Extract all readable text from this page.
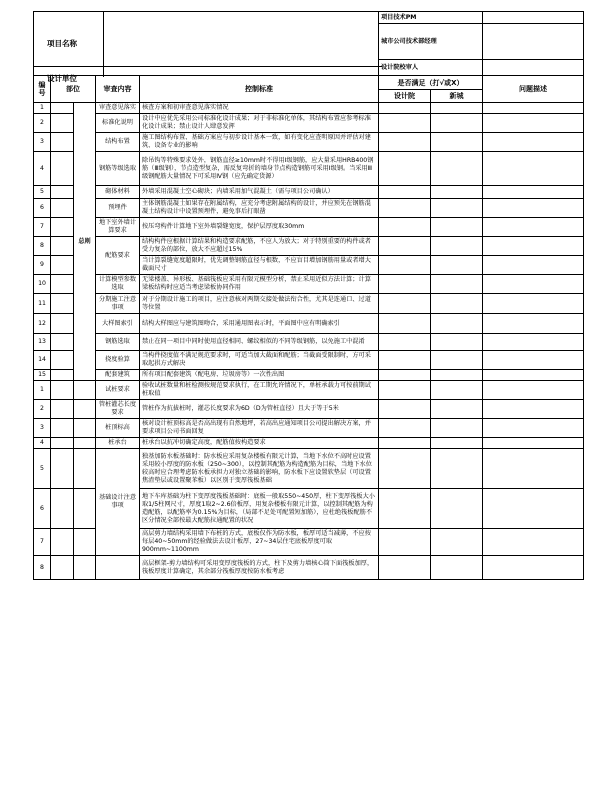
	项目技术PM	
	城市公司技术部经理	

	设计院校审人	
项目名称
设计单位
编号	部位		审查内容	控制标准	是否满足（打√或X）		问题描述
					设计院	新城	
1		总则	审查意见落实	核查方案和初审查意见落实情况			
2			标准化说明	设计中应优先采用公司标准化设计成果；对于非标准化单体，其结构布置应参考标准化设计成果；禁止设计人肆意发挥			
3			结构布置	施工图结构布置、基础方案应与初步设计基本一致，如有变化应查明原因并评估对建筑、设备专业的影响			
4			钢筋等级选取	除吊钩等特殊要求处外，钢筋直径≥10mm时不得用Ⅰ级钢筋，应大量采用HRB400钢筋（Ⅲ级钢），节点造型复杂，需反复弯折的墙身节点构造钢筋可采用Ⅰ级钢。当采用Ⅲ级钢配筋大量情况下可采用Ⅳ钢（应先确定货源）			
5			砌体材料	外墙采用混凝土空心砌块；内墙采用加气混凝土（需与项目公司确认）			
6			预埋件	主体钢筋混凝土如果存在附属结构，应充分考虑附属结构的设计，并应预先在钢筋混凝土结构设计中设置预埋件，避免事后打眼凿			
7			地下室外墙计算要求	按压弯构件计算地下室外墙裂缝宽度，保护层厚度取30mm			
8			配筋要求	结构构件应根据计算结果和构造要求配筋，不应人为放大；对于特别重要的构件或者受力复杂的部位，放大不应超过15%			
9				当计算裂缝宽度超限时，优先调整钢筋直径与根数，不应盲目增加钢筋用量或者增大截面尺寸			
10			计算模型参数选取	无梁楼盖、异形板、基础筏板应采用有限元模型分析，禁止采用近似方法计算；计算梁板结构时应适当考虑梁板协同作用			
11			分期施工注意事项	对于分期设计施工的项目，应注意核对两期交接处做法衔合性，尤其是连通口、过道等位置			
12			大样图索引	结构大样图应与建筑图吻合，采用通用图表示时，平面图中应有明确索引			
13			钢筋选取	禁止在同一项目中同时使用直径相同、螺纹相似的不同等级钢筋，以免施工中混淆			
14			挠度验算	当构件挠度值不满足规范要求时，可适当加大截面和配筋；当截面受限制时，方可采取起拱方式解决			
15			配套建筑	所有项目配套建筑（配电房、垃圾房等）一次性出图			
1			试桩要求	验收试桩数量和桩检测按规范要求执行，在工期允许情况下，单桩承载力可按前期试桩取值			
2			管桩灌芯长度要求	管桩作为抗拔桩时，灌芯长度要求为6D（D为管桩直径）且大于等于5米			
3			桩顶标高	核对设计桩顶标高是否高出现有自然地坪，若高出应通知项目公司提出解决方案，并要求项目公司书面回复			
4			桩承台	桩承台以抗冲切确定高度，配筋值按构造要求			
5			基础设计注意事项	独基加防水板基础时：防水板应采用复杂楼板有限元计算，当地下水位不高时应设置采用较小厚度的防水板（250~300），以控制其配筋为构造配筋为目标，当地下水位较高时应合理考虑防水板承担力对独立基础的影响，防水板下应设置软垫层（可设置焦渣垫层或设置聚苯板）以区别于变厚筏板基础			
6				地下车库基础为柱下变厚度筏板基础时：底板一般取550~450厚，柱下变厚筏板大小取1/5柱网尺寸，厚度1取2~2.6倍板厚，用复杂楼板有限元计算，以控制其配筋为构造配筋，以配筋率为0.15%为目标，（局部不足处可配置短加筋），应杜绝筏板配筋不区分情况全部按最大配筋拉通配置的状况			
7				高层剪力墙结构采用墙下布桩的方式，底板仅作为防水板，板厚可适当减薄，不应按每层40~50mm的经验做法去设计板厚，27~34层住宅底板厚度可取900mm~1100mm			
8				高层框架-剪力墙结构可采用变厚度筏板的方式，柱下及剪力墙核心筒下面筏板加厚，筏板厚度计算确定，其余部分筏板厚度按防水板考虑			
